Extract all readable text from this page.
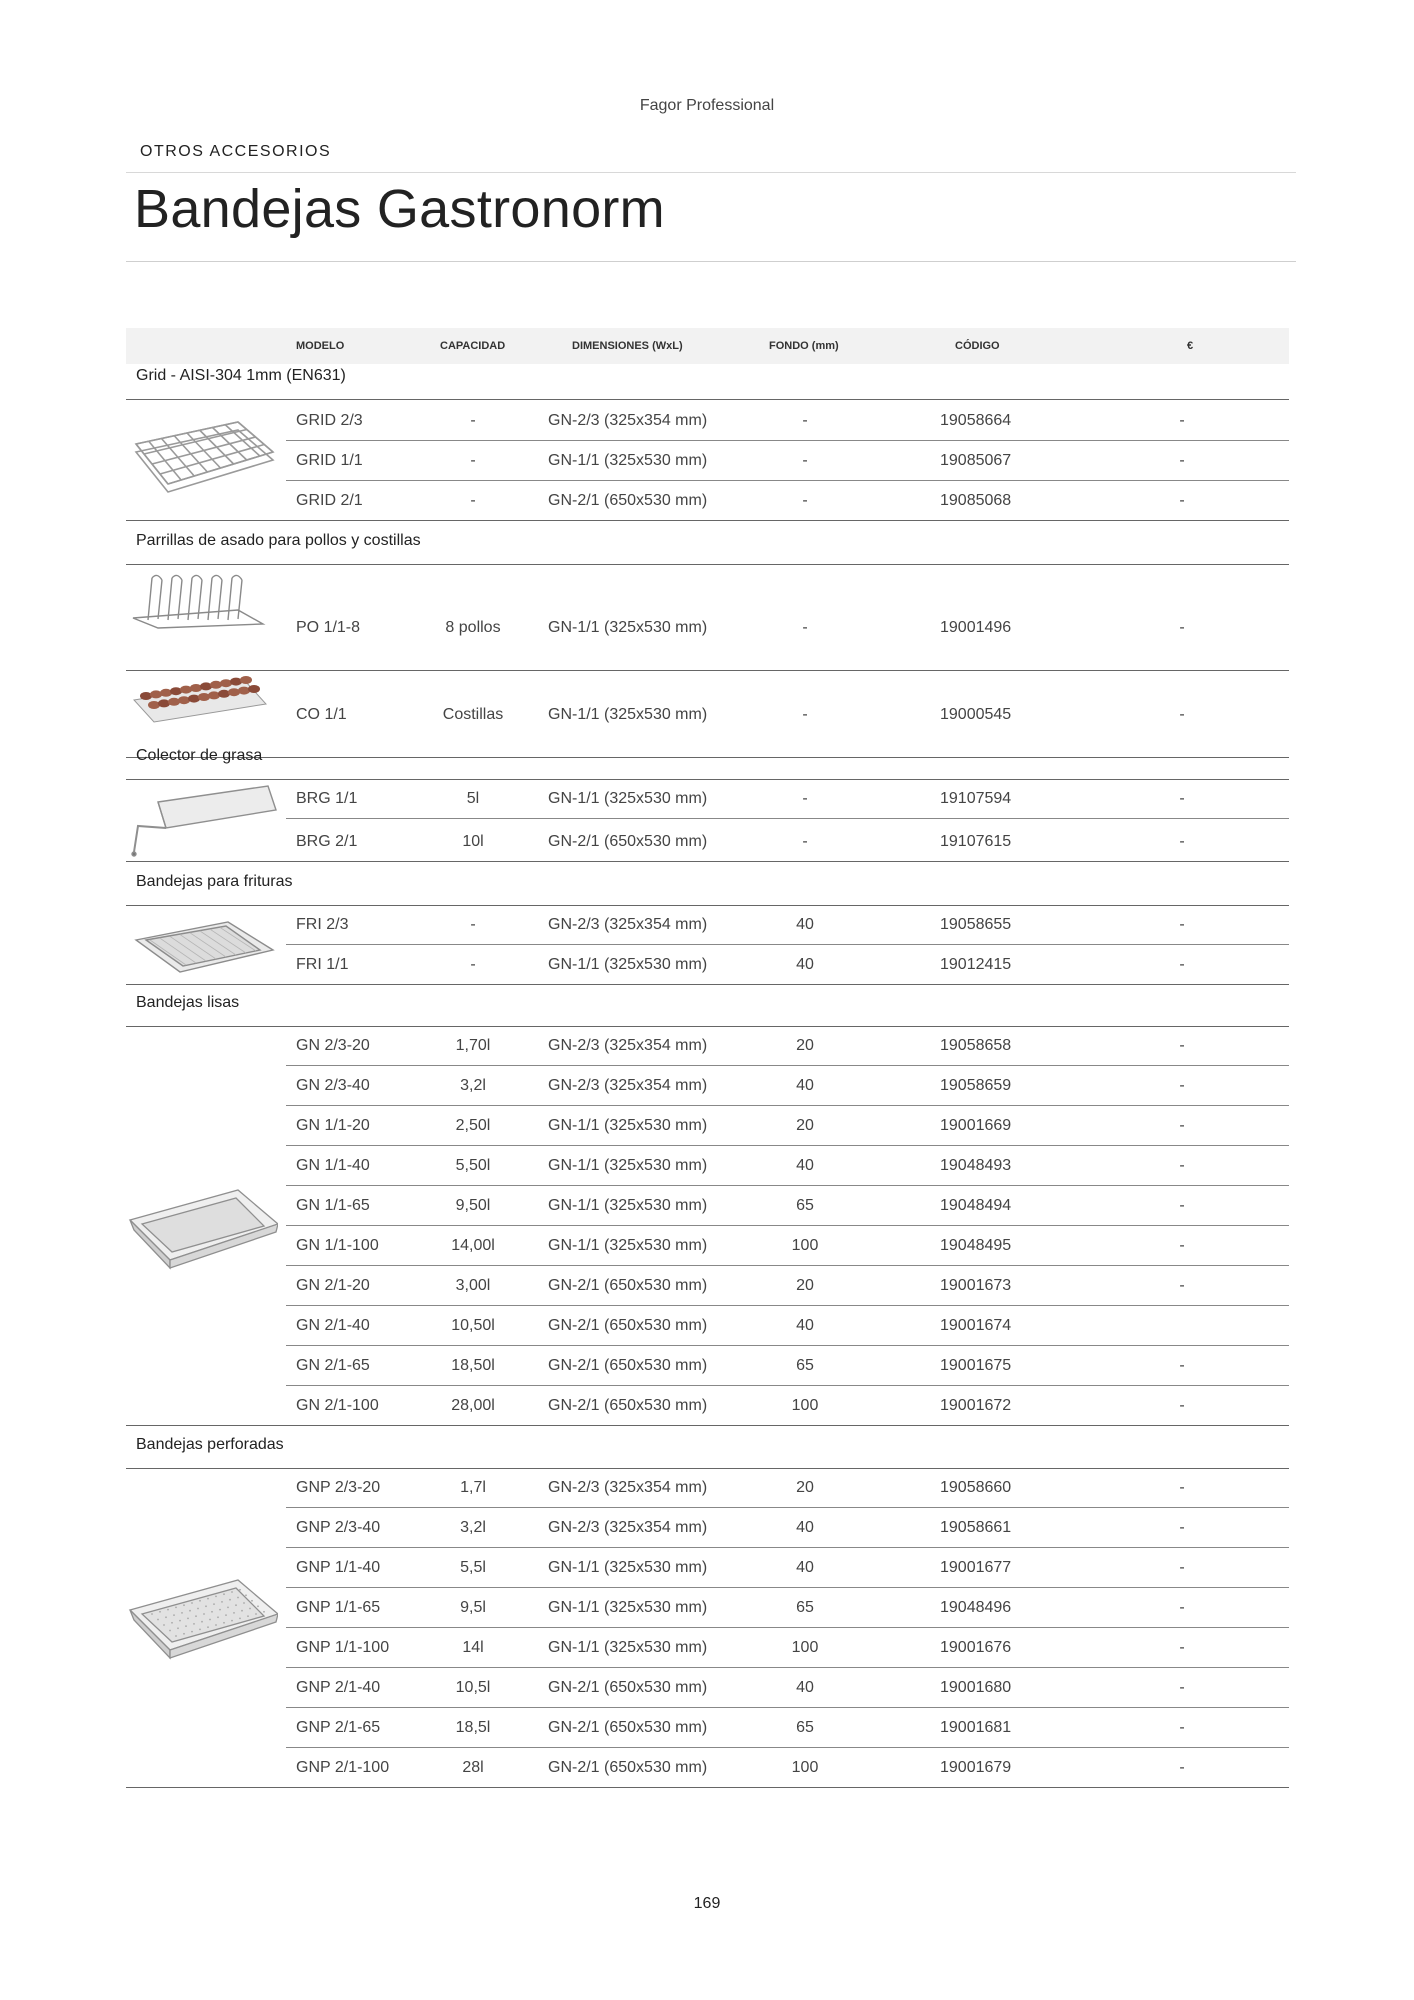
Fagor Professional
OTROS ACCESORIOS
Bandejas Gastronorm
MODELO	CAPACIDAD	DIMENSIONES (WxL)	FONDO (mm)	CÓDIGO	€
Grid - AISI-304 1mm (EN631)
GRID 2/3	-	GN-2/3 (325x354 mm)	-	19058664	-
GRID 1/1	-	GN-1/1 (325x530 mm)	-	19085067	-
GRID 2/1	-	GN-2/1 (650x530 mm)	-	19085068	-
Parrillas de asado para pollos y costillas
PO 1/1-8	8 pollos	GN-1/1 (325x530 mm)	-	19001496	-
CO 1/1	Costillas	GN-1/1 (325x530 mm)	-	19000545	-
Colector de grasa
BRG 1/1	5l	GN-1/1 (325x530 mm)	-	19107594	-
BRG 2/1	10l	GN-2/1 (650x530 mm)	-	19107615	-
Bandejas para frituras
FRI 2/3	-	GN-2/3 (325x354 mm)	40	19058655	-
FRI 1/1	-	GN-1/1 (325x530 mm)	40	19012415	-
Bandejas lisas
GN 2/3-20	1,70l	GN-2/3 (325x354 mm)	20	19058658	-
GN 2/3-40	3,2l	GN-2/3 (325x354 mm)	40	19058659	-
GN 1/1-20	2,50l	GN-1/1 (325x530 mm)	20	19001669	-
GN 1/1-40	5,50l	GN-1/1 (325x530 mm)	40	19048493	-
GN 1/1-65	9,50l	GN-1/1 (325x530 mm)	65	19048494	-
GN 1/1-100	14,00l	GN-1/1 (325x530 mm)	100	19048495	-
GN 2/1-20	3,00l	GN-2/1 (650x530 mm)	20	19001673	-
GN 2/1-40	10,50l	GN-2/1 (650x530 mm)	40	19001674
GN 2/1-65	18,50l	GN-2/1 (650x530 mm)	65	19001675	-
GN 2/1-100	28,00l	GN-2/1 (650x530 mm)	100	19001672	-
Bandejas perforadas
GNP 2/3-20	1,7l	GN-2/3 (325x354 mm)	20	19058660	-
GNP 2/3-40	3,2l	GN-2/3 (325x354 mm)	40	19058661	-
GNP 1/1-40	5,5l	GN-1/1 (325x530 mm)	40	19001677	-
GNP 1/1-65	9,5l	GN-1/1 (325x530 mm)	65	19048496	-
GNP 1/1-100	14l	GN-1/1 (325x530 mm)	100	19001676	-
GNP 2/1-40	10,5l	GN-2/1 (650x530 mm)	40	19001680	-
GNP 2/1-65	18,5l	GN-2/1 (650x530 mm)	65	19001681	-
GNP 2/1-100	28l	GN-2/1 (650x530 mm)	100	19001679	-
169
